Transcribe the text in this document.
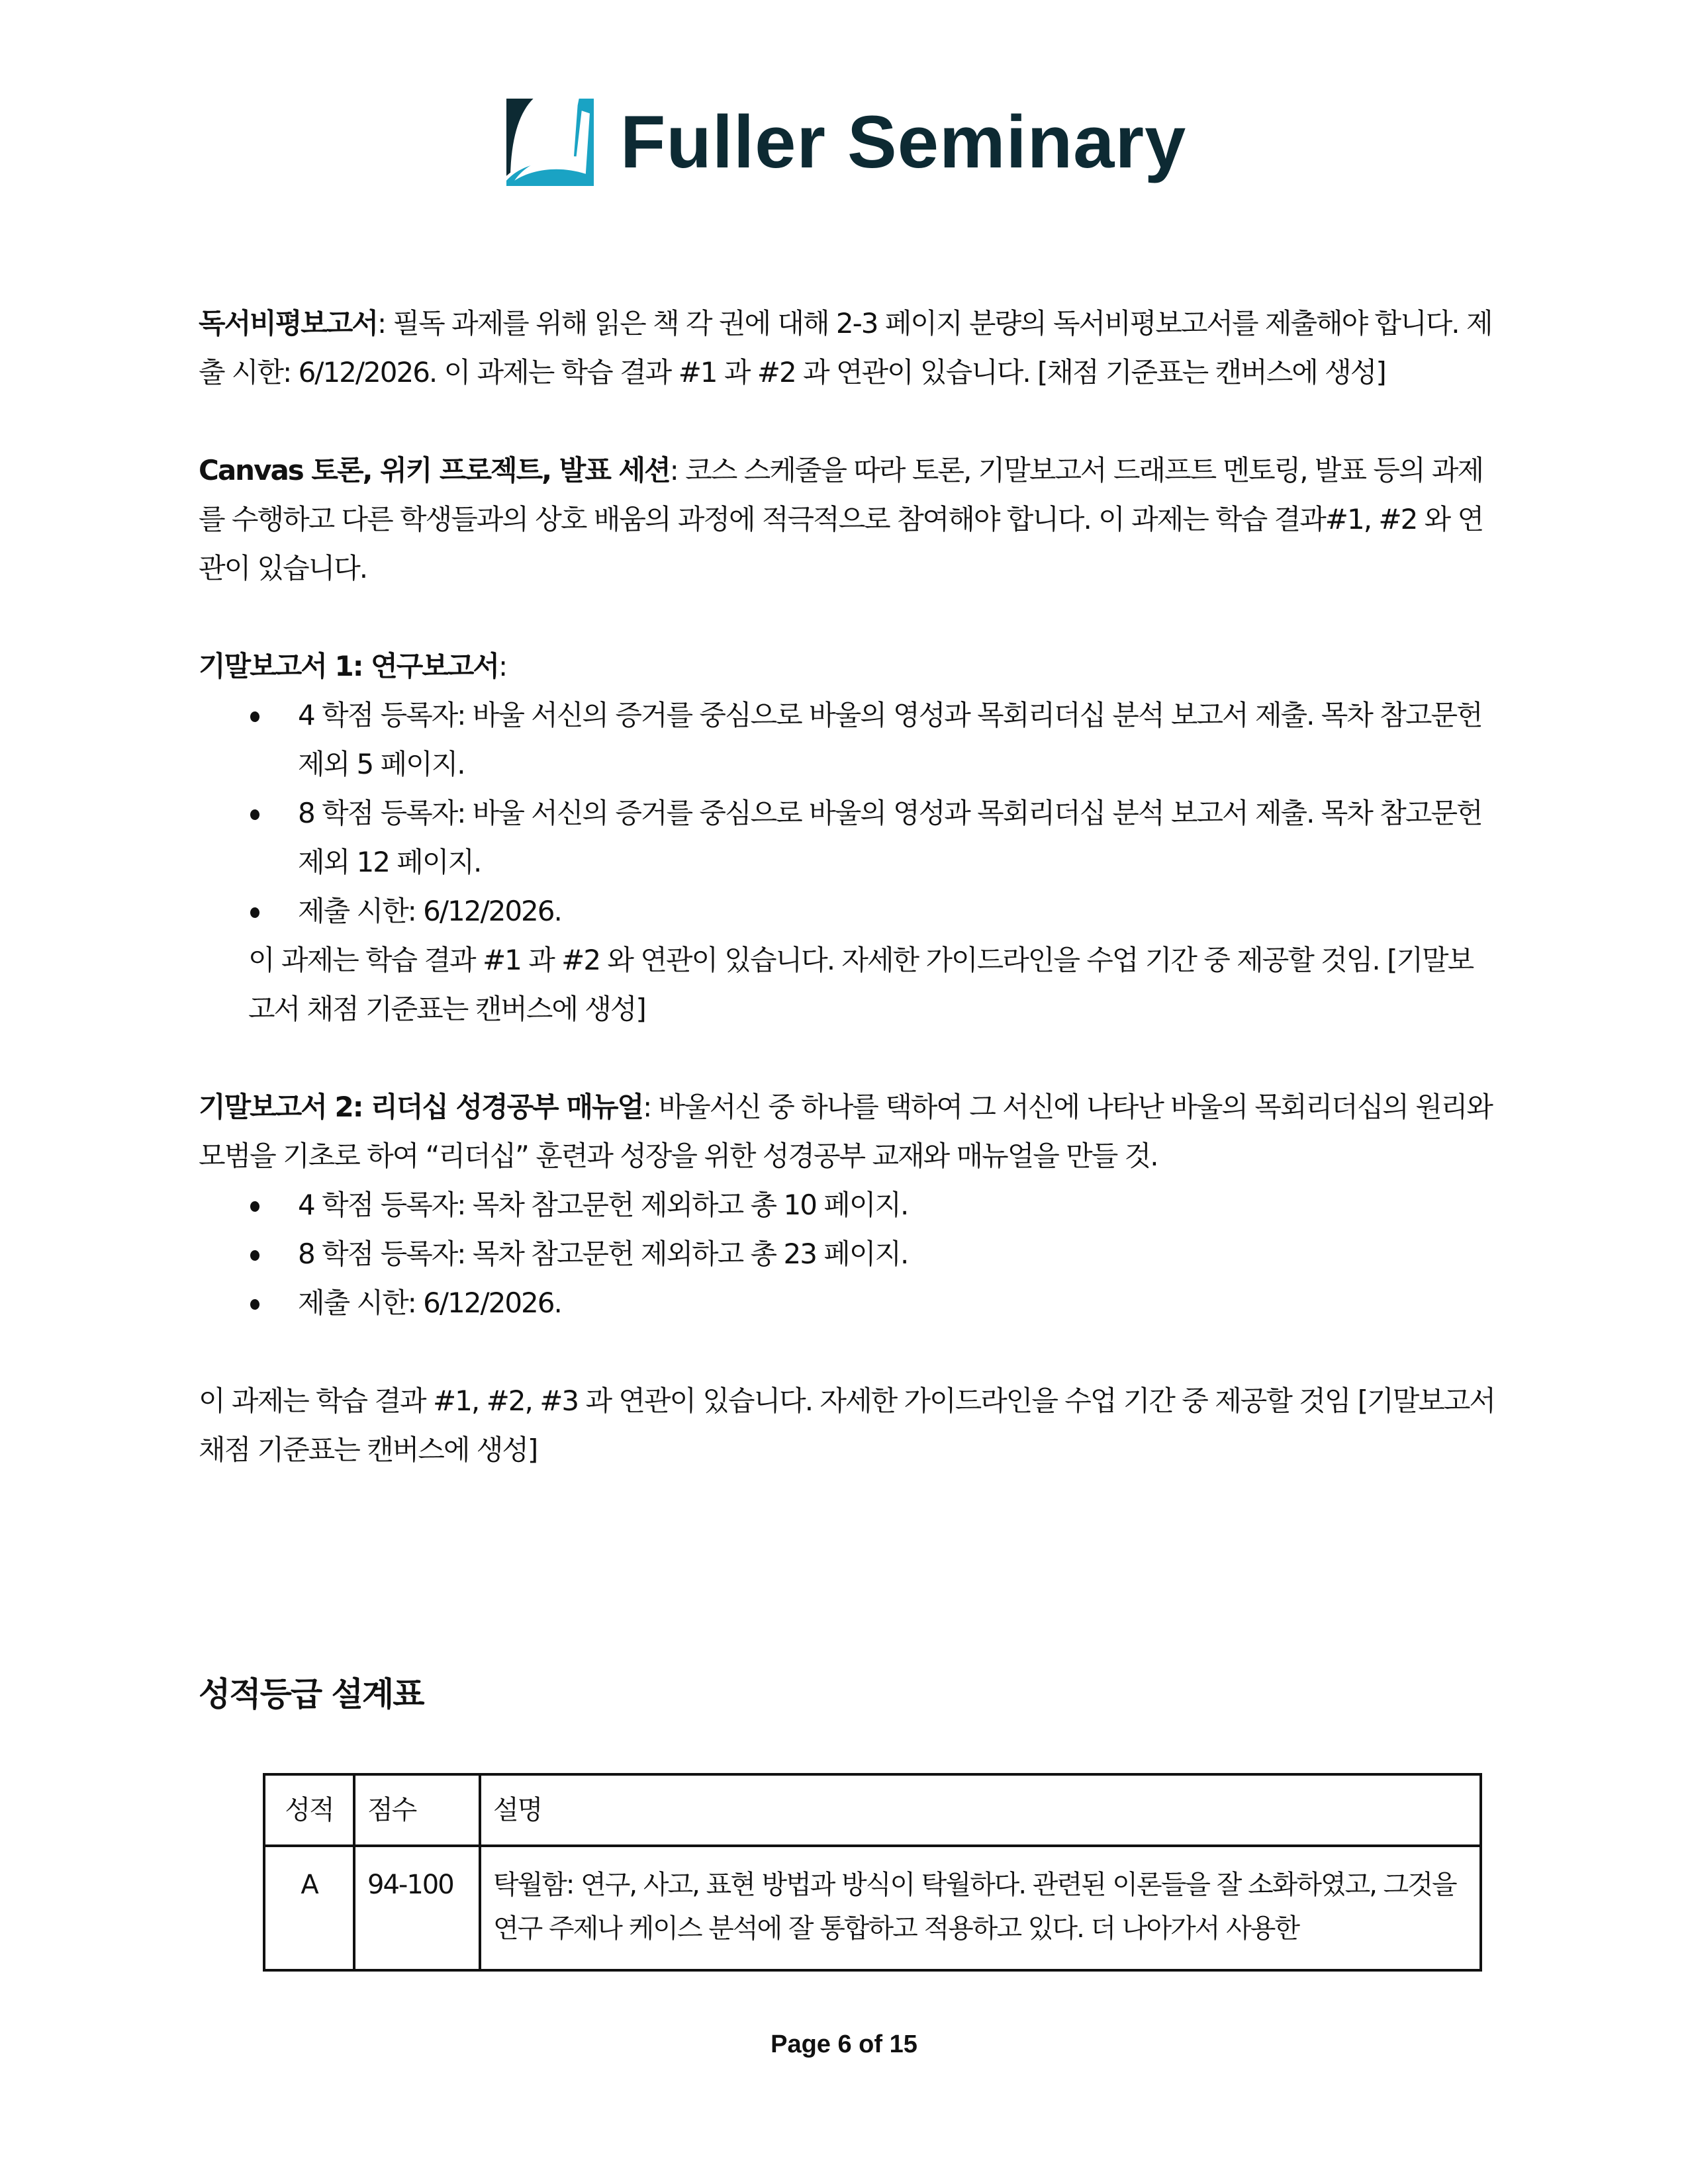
Fuller Seminary

독서비평보고서: 필독 과제를 위해 읽은 책 각 권에 대해 2-3 페이지 분량의 독서비평보고서를 제출해야 합니다. 제출 시한: 6/12/2026. 이 과제는 학습 결과 #1 과 #2 과 연관이 있습니다. [채점 기준표는 캔버스에 생성]

Canvas 토론, 위키 프로젝트, 발표 세션: 코스 스케줄을 따라 토론, 기말보고서 드래프트 멘토링, 발표 등의 과제를 수행하고 다른 학생들과의 상호 배움의 과정에 적극적으로 참여해야 합니다. 이 과제는 학습 결과#1, #2 와 연관이 있습니다.

기말보고서 1: 연구보고서:
4 학점 등록자: 바울 서신의 증거를 중심으로 바울의 영성과 목회리더십 분석 보고서 제출. 목차 참고문헌 제외 5 페이지.
8 학점 등록자: 바울 서신의 증거를 중심으로 바울의 영성과 목회리더십 분석 보고서 제출. 목차 참고문헌 제외 12 페이지.
제출 시한: 6/12/2026.
이 과제는 학습 결과 #1 과 #2 와 연관이 있습니다. 자세한 가이드라인을 수업 기간 중 제공할 것임. [기말보고서 채점 기준표는 캔버스에 생성]
기말보고서 2: 리더십 성경공부 매뉴얼: 바울서신 중 하나를 택하여 그 서신에 나타난 바울의 목회리더십의 원리와 모범을 기초로 하여 “리더십” 훈련과 성장을 위한 성경공부 교재와 매뉴얼을 만들 것.
4 학점 등록자: 목차 참고문헌 제외하고 총 10 페이지.
8 학점 등록자: 목차 참고문헌 제외하고 총 23 페이지.
제출 시한: 6/12/2026.

이 과제는 학습 결과 #1, #2, #3 과 연관이 있습니다. 자세한 가이드라인을 수업 기간 중 제공할 것임 [기말보고서 채점 기준표는 캔버스에 생성]

성적등급 설계표
성적	점수	설명
A	94-100	탁월함: 연구, 사고, 표현 방법과 방식이 탁월하다. 관련된 이론들을 잘 소화하였고, 그것을 연구 주제나 케이스 분석에 잘 통합하고 적용하고 있다. 더 나아가서 사용한
Page 6 of 15
